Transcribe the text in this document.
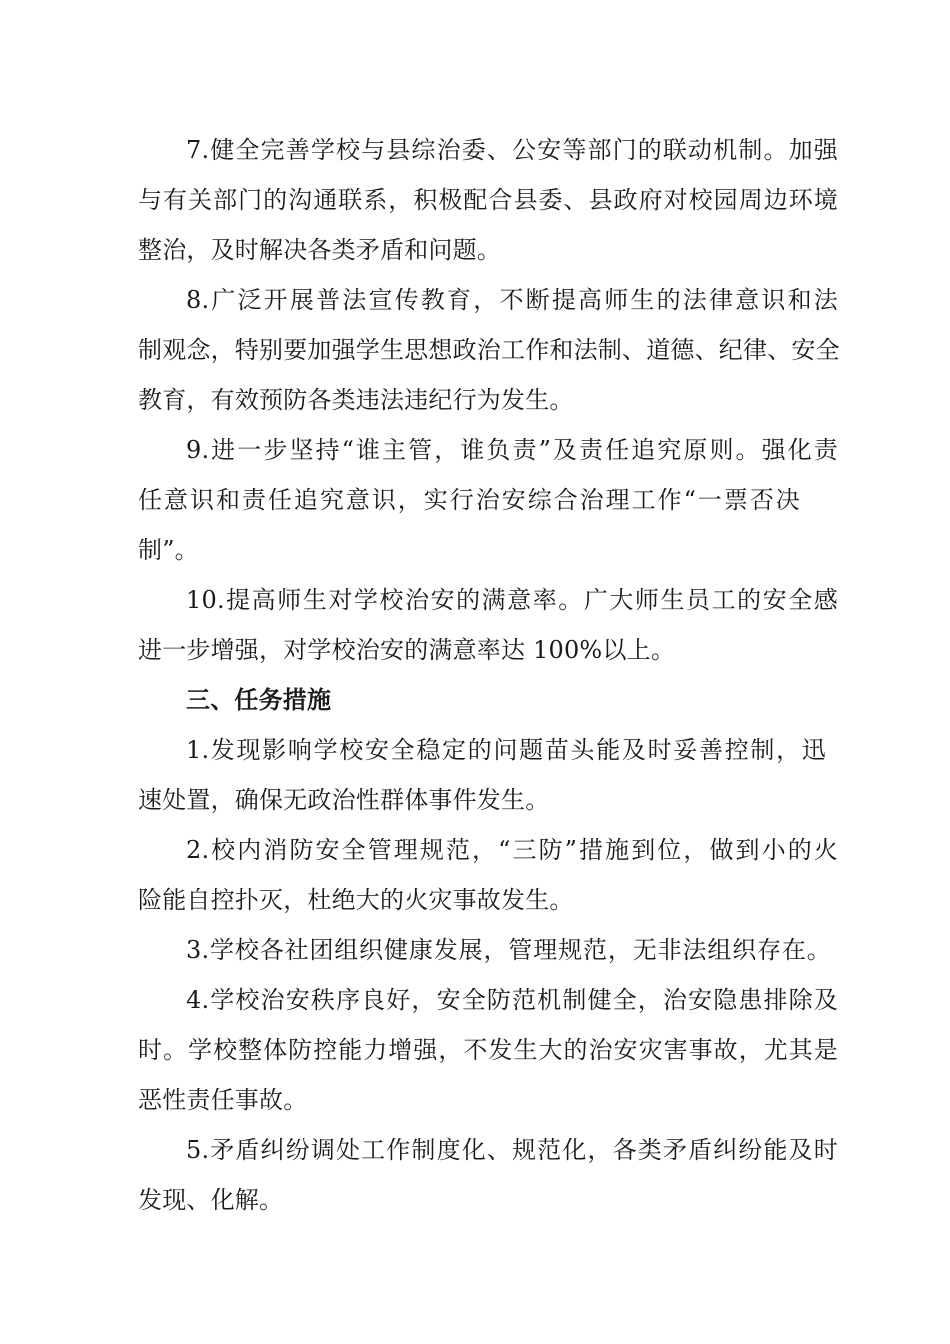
7.健全完善学校与县综治委、公安等部门的联动机制。加强
与有关部门的沟通联系，积极配合县委、县政府对校园周边环境
整治，及时解决各类矛盾和问题。
8.广泛开展普法宣传教育，不断提高师生的法律意识和法
制观念，特别要加强学生思想政治工作和法制、道德、纪律、安全
教育，有效预防各类违法违纪行为发生。
9.进一步坚持“谁主管，谁负责”及责任追究原则。强化责
任意识和责任追究意识，实行治安综合治理工作“一票否决
制”。
10.提高师生对学校治安的满意率。广大师生员工的安全感
进一步增强，对学校治安的满意率达 100%以上。
三、任务措施
1.发现影响学校安全稳定的问题苗头能及时妥善控制，迅
速处置，确保无政治性群体事件发生。
2.校内消防安全管理规范，“三防”措施到位，做到小的火
险能自控扑灭，杜绝大的火灾事故发生。
3.学校各社团组织健康发展，管理规范，无非法组织存在。
4.学校治安秩序良好，安全防范机制健全，治安隐患排除及
时。学校整体防控能力增强，不发生大的治安灾害事故，尤其是
恶性责任事故。
5.矛盾纠纷调处工作制度化、规范化，各类矛盾纠纷能及时
发现、化解。
